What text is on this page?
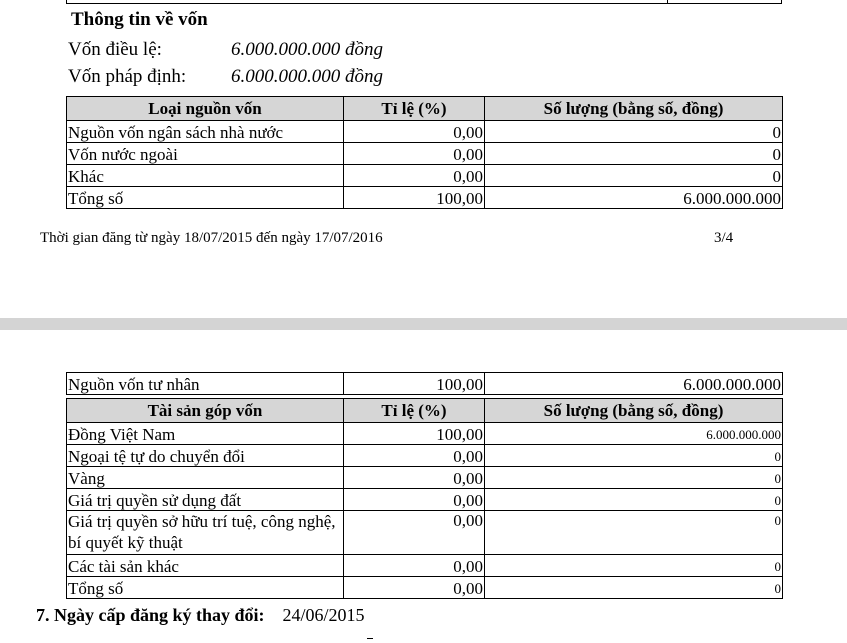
Thông tin về vốn
Vốn điều lệ:	6.000.000.000 đồng
Vốn pháp định: 6.000.000.000 đồng
Loại nguồn vốn	Tỉ lệ (%)	Số lượng (bằng số, đồng)
Nguồn vốn ngân sách nhà nước	0,00	0
Vốn nước ngoài	0,00	0
Khác	0,00	0
Tổng số	100,00	6.000.000.000
Thời gian đăng từ ngày 18/07/2015 đến ngày 17/07/2016	3/4
Nguồn vốn tư nhân	100,00	6.000.000.000
Tài sản góp vốn	Tỉ lệ (%)	Số lượng (bằng số, đồng)
Đồng Việt Nam	100,00	6.000.000.000
Ngoại tệ tự do chuyển đổi	0,00	0
Vàng	0,00	0
Giá trị quyền sử dụng đất	0,00	0
Giá trị quyền sở hữu trí tuệ, công nghệ, bí quyết kỹ thuật	0,00	0
Các tài sản khác	0,00	0
Tổng số	0,00	0
7. Ngày cấp đăng ký thay đổi: 24/06/2015
